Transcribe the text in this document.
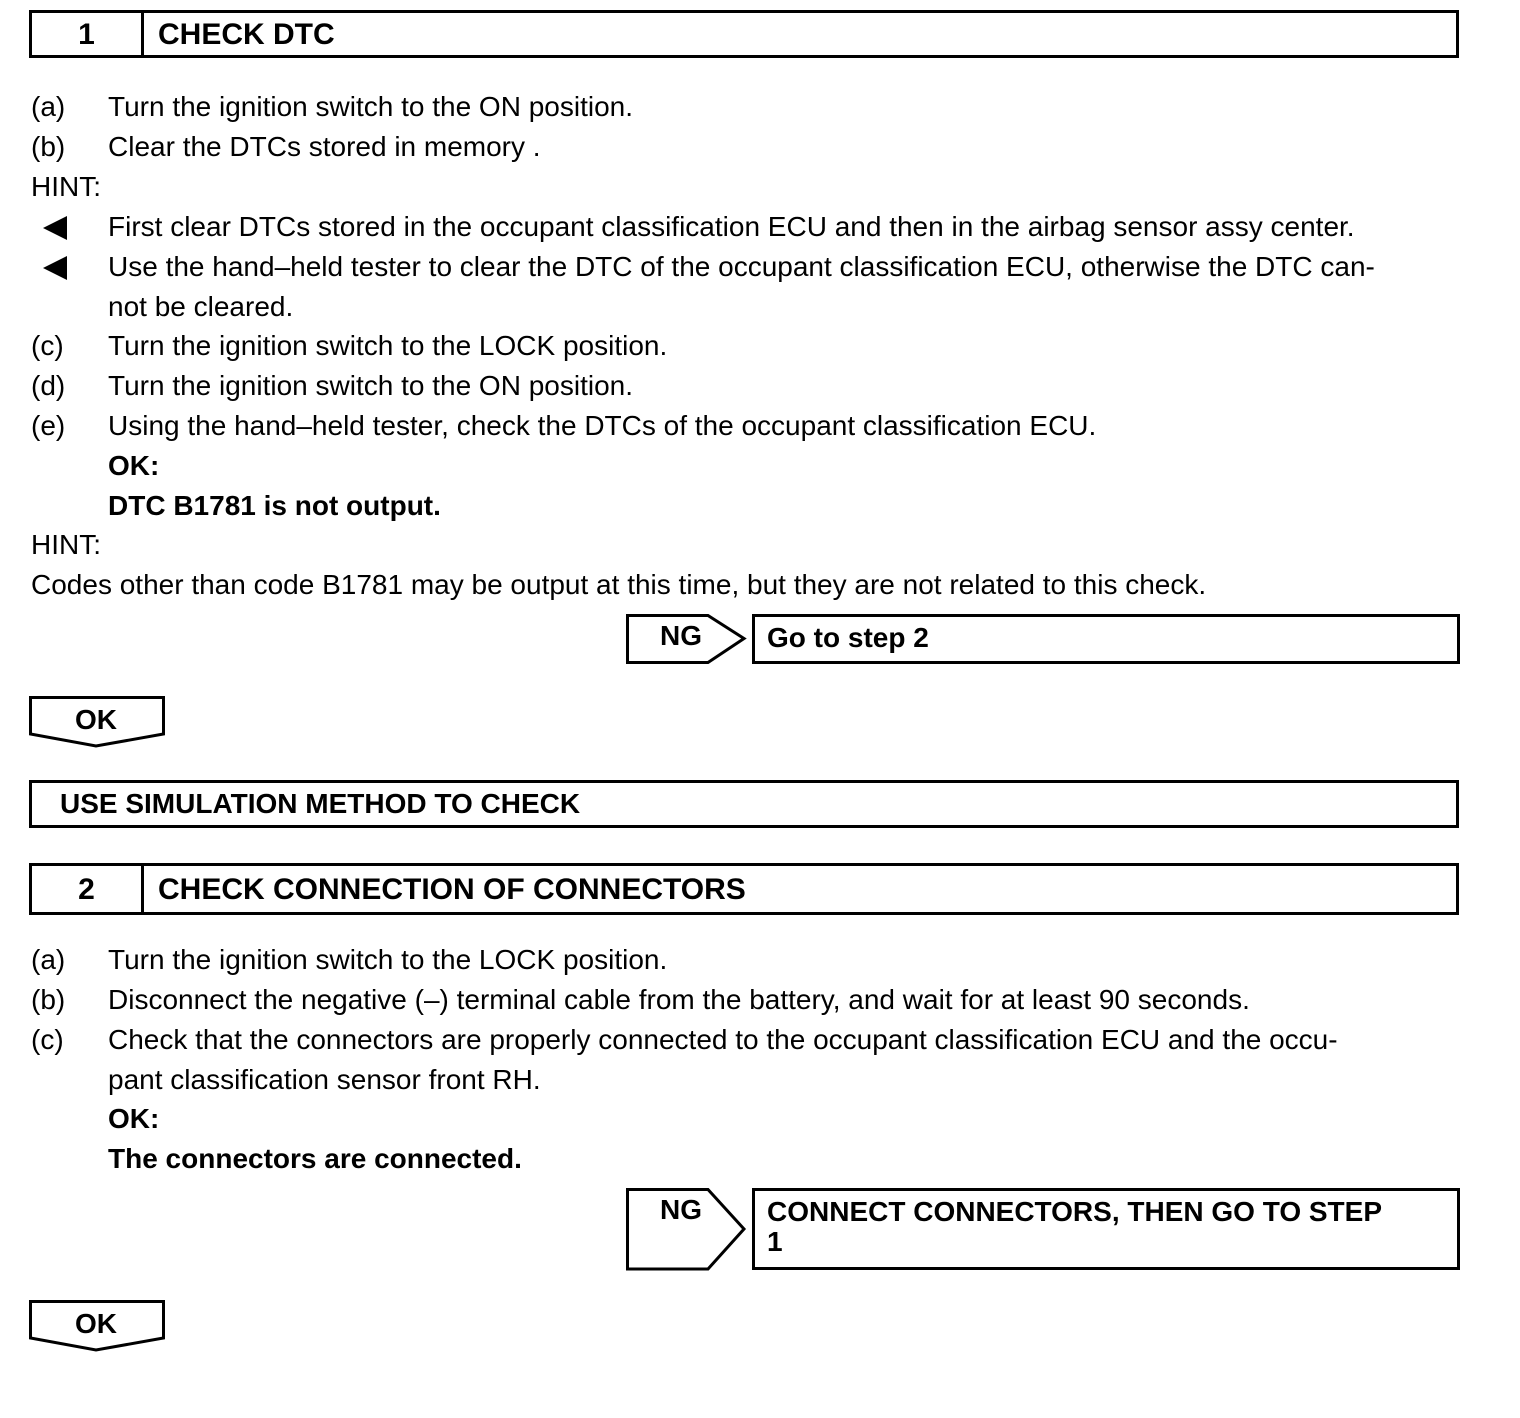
1	CHECK DTC
(a) Turn the ignition switch to the ON position.
(b) Clear the DTCs stored in memory .
HINT:
First clear DTCs stored in the occupant classification ECU and then in the airbag sensor assy center.
Use the hand–held tester to clear the DTC of the occupant classification ECU, otherwise the DTC can-
not be cleared.
(c) Turn the ignition switch to the LOCK position.
(d) Turn the ignition switch to the ON position.
(e) Using the hand–held tester, check the DTCs of the occupant classification ECU.
OK:
DTC B1781 is not output.
HINT:
Codes other than code B1781 may be output at this time, but they are not related to this check.
NG	Go to step 2
OK
USE SIMULATION METHOD TO CHECK
2	CHECK CONNECTION OF CONNECTORS
(a) Turn the ignition switch to the LOCK position.
(b) Disconnect the negative (–) terminal cable from the battery, and wait for at least 90 seconds.
(c) Check that the connectors are properly connected to the occupant classification ECU and the occu-
pant classification sensor front RH.
OK:
The connectors are connected.
NG	CONNECT CONNECTORS, THEN GO TO STEP
1
OK
